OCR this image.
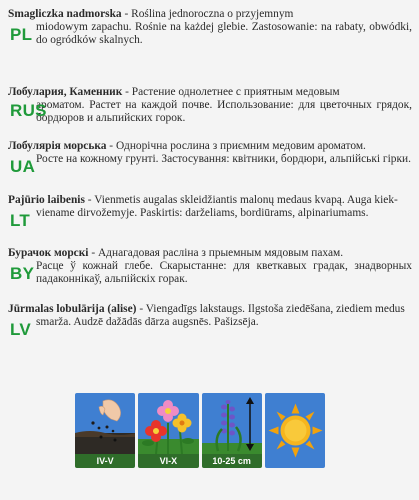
PL
Smagliczka nadmorska - Roślina jednoroczna o przyjemnym

miodowym zapachu. Rośnie na każdej glebie. Zastosowanie: na rabaty, obwódki, do ogródków skalnych.
RUS
Лобулария, Каменник - Растение однолетнее с приятным медовым

ароматом. Растет на каждой почве. Использование: для цветочных грядок, бордюров и альпийских горок.
UA
Лобулярія морська - Однорічна рослина з приємним медовим ароматом.

Росте на кожному грунті. Застосування: квітники, бордюри, альпійські гірки.
LT
Pajūrio laibenis - Vienmetis augalas skleidžiantis malonų medaus kvapą. Auga kiek-

viename dirvožemyje. Paskirtis: darželiams, bordiūrams, alpinariumams.
BY
Бурачок морскі - Аднагадовая расліна з прыемным мядовым пахам.

Расце ў кожнай глебе. Скарыстанне: для кветкавых градак, знадворных падаконнікаў, альпійскіх горак.
LV
Jūrmalas lobulārija (alise) - Viengadīgs lakstaugs. Ilgstoša ziedēšana, ziediem medus

smarža. Audzē dažādās dārza augsnēs. Pašizsēja.
IV-V	VI-X	10-25 cm
